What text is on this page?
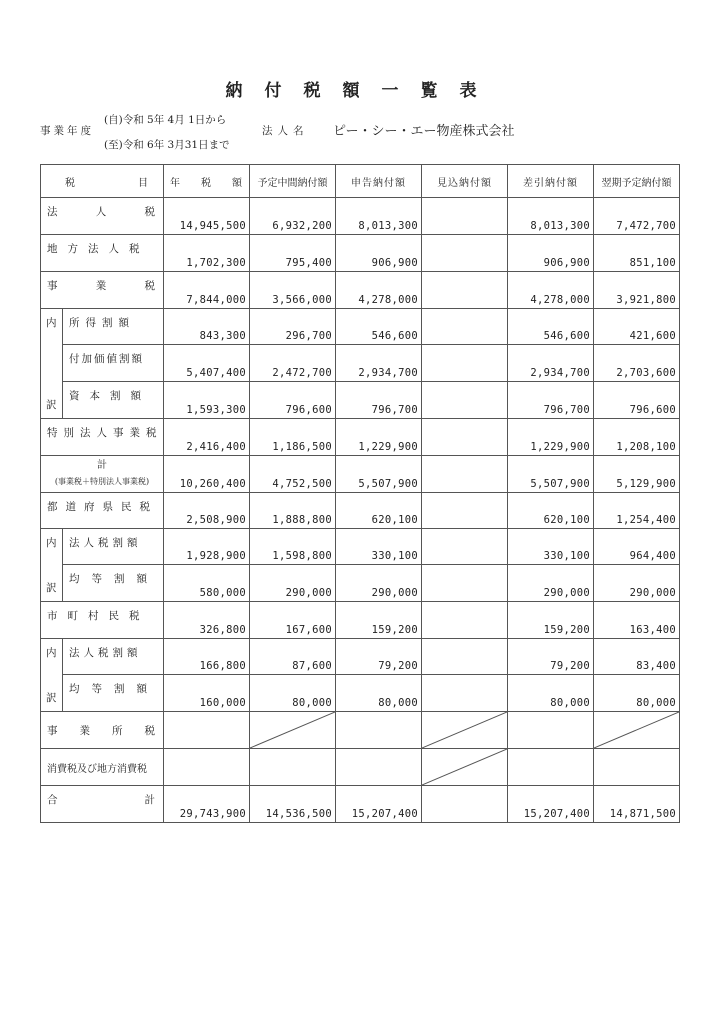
納付税額一覧表
事業年度
(自)令和 5年 4月 1日から
(至)令和 6年 3月31日まで
法人名 ピー・シー・エー物産株式会社
税 目		年 税 額	予定中間納付額	申告納付額	見込納付額	差引納付額	翌期予定納付額

法 人 税		14,945,500	6,932,200	8,013,300		8,013,300	7,472,700
地方法人税		1,702,300	795,400	906,900		906,900	851,100

事 業 税		7,844,000	3,566,000	4,278,000		4,278,000	3,921,800

内
訳	所得割額	843,300	296,700	546,600		546,600	421,600
	付加価値割額	5,407,400	2,472,700	2,934,700		2,934,700	2,703,600
	資本割額	1,593,300	796,600	796,700		796,700	796,600
特別法人事業税		2,416,400	1,186,500	1,229,900		1,229,900	1,208,100

計
(事業税＋特別法人事業税)		10,260,400	4,752,500	5,507,900		5,507,900	5,129,900
都道府県民税		2,508,900	1,888,800	620,100		620,100	1,254,400

内
訳	法人税割額	1,928,900	1,598,800	330,100		330,100	964,400
	均等割額	580,000	290,000	290,000		290,000	290,000
市町村民税		326,800	167,600	159,200		159,200	163,400

内
訳	法人税割額	166,800	87,600	79,200		79,200	83,400
	均等割額	160,000	80,000	80,000		80,000	80,000

事 業 所 税

消費税及び地方消費税				

合 計		29,743,900	14,536,500	15,207,400		15,207,400	14,871,500
